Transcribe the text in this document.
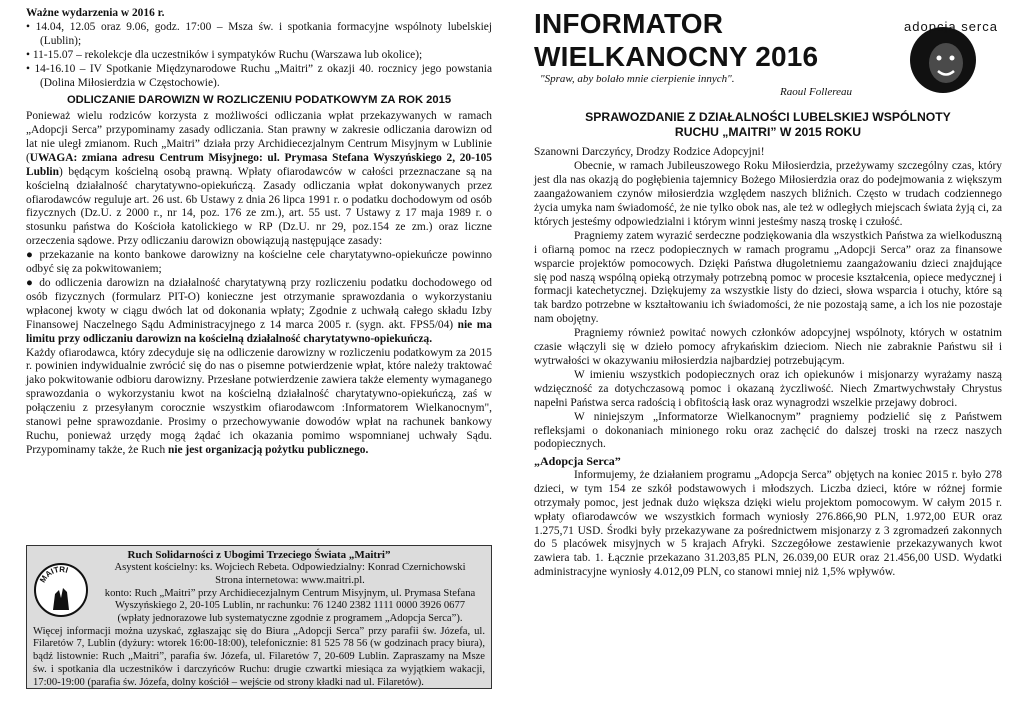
Ważne wydarzenia w 2016 r.
• 14.04, 12.05 oraz 9.06, godz. 17:00 – Msza św. i spotkania formacyjne wspólnoty lubelskiej (Lublin);
• 11-15.07 – rekolekcje dla uczestników i sympatyków Ruchu (Warszawa lub okolice);
• 14-16.10 – IV Spotkanie Międzynarodowe Ruchu „Maitri” z okazji 40. rocznicy jego powstania (Dolina Miłosierdzia w Częstochowie).
ODLICZANIE DAROWIZN W ROZLICZENIU PODATKOWYM ZA ROK 2015
Ponieważ wielu rodziców korzysta z możliwości odliczania wpłat przekazywanych w ramach „Adopcji Serca” przypominamy zasady odliczania. Stan prawny w zakresie odliczania darowizn od lat nie uległ zmianom. Ruch „Maitri” działa przy Archidiecezjalnym Centrum Misyjnym w Lublinie (UWAGA: zmiana adresu Centrum Misyjnego: ul. Prymasa Stefana Wyszyńskiego 2, 20-105 Lublin) będącym kościelną osobą prawną. Wpłaty ofiarodawców w całości przeznaczane są na kościelną działalność charytatywno-opiekuńczą. Zasady odliczania wpłat dokonywanych przez ofiarodawców reguluje art. 26 ust. 6b Ustawy z dnia 26 lipca 1991 r. o podatku dochodowym od osób fizycznych (Dz.U. z 2000 r., nr 14, poz. 176 ze zm.), art. 55 ust. 7 Ustawy z 17 maja 1989 r. o stosunku państwa do Kościoła katolickiego w RP (Dz.U. nr 29, poz.154 ze zm.) oraz liczne orzeczenia sądowe. Przy odliczaniu darowizn obowiązują następujące zasady:
● przekazanie na konto bankowe darowizny na kościelne cele charytatywno-opiekuńcze powinno odbyć się za pokwitowaniem;
● do odliczenia darowizn na działalność charytatywną przy rozliczeniu podatku dochodowego od osób fizycznych (formularz PIT-O) konieczne jest otrzymanie sprawozdania o wykorzystaniu wpłaconej kwoty w ciągu dwóch lat od dokonania wpłaty; Zgodnie z uchwałą całego składu Izby Finansowej Naczelnego Sądu Administracyjnego z 14 marca 2005 r. (sygn. akt. FPS5/04) nie ma limitu przy odliczaniu darowizn na kościelną działalność charytatywno-opiekuńczą.
Każdy ofiarodawca, który zdecyduje się na odliczenie darowizny w rozliczeniu podatkowym za 2015 r. powinien indywidualnie zwrócić się do nas o pisemne potwierdzenie wpłat, które należy traktować jako pokwitowanie odbioru darowizny. Przesłane potwierdzenie zawiera także elementy wymaganego sprawozdania o wykorzystaniu kwot na kościelną działalność charytatywno-opiekuńczą, zaś w połączeniu z przesyłanym corocznie wszystkim ofiarodawcom :Informatorem Wielkanocnym", stanowi pełne sprawozdanie. Prosimy o przechowywanie dowodów wpłat na rachunek bankowy Ruchu, ponieważ urzędy mogą żądać ich okazania pomimo wspomnianej uchwały Sądu. Przypominamy także, że Ruch nie jest organizacją pożytku publicznego.
Ruch Solidarności z Ubogimi Trzeciego Świata „Maitri”
MAITRI	Asystent kościelny: ks. Wojciech Rebeta. Odpowiedzialny: Konrad Czernichowski
Strona internetowa: www.maitri.pl.
konto: Ruch „Maitri” przy Archidiecezjalnym Centrum Misyjnym, ul. Prymasa Stefana Wyszyńskiego 2, 20-105 Lublin, nr rachunku: 76 1240 2382 1111 0000 3926 0677
(wpłaty jednorazowe lub systematyczne zgodnie z programem „Adopcja Serca”).
Więcej informacji można uzyskać, zgłaszając się do Biura „Adopcji Serca” przy parafii św. Józefa, ul. Filaretów 7, Lublin (dyżury: wtorek 16:00-18:00), telefonicznie: 81 525 78 56 (w godzinach pracy biura), bądź listownie: Ruch „Maitri”, parafia św. Józefa, ul. Filaretów 7, 20-609 Lublin. Zapraszamy na Msze św. i spotkania dla uczestników i darczyńców Ruchu: drugie czwartki miesiąca za wyjątkiem wakacji, 17:00-19:00 (parafia św. Józefa, dolny kościół – wejście od strony kładki nad ul. Filaretów).
INFORMATOR
WIELKANOCNY 2016
"Spraw, aby bolało mnie cierpienie innych".
Raoul Follereau
SPRAWOZDANIE Z DZIAŁALNOŚCI LUBELSKIEJ WSPÓLNOTY
RUCHU „MAITRI” W 2015 ROKU
Szanowni Darczyńcy, Drodzy Rodzice Adopcyjni!
Obecnie, w ramach Jubileuszowego Roku Miłosierdzia, przeżywamy szczególny czas, który jest dla nas okazją do pogłębienia tajemnicy Bożego Miłosierdzia oraz do podejmowania z większym zaangażowaniem czynów miłosierdzia względem naszych bliźnich. Często w trudach codziennego życia umyka nam świadomość, że nie tylko obok nas, ale też w odległych miejscach świata żyją ci, za których jesteśmy odpowiedzialni i którym winni jesteśmy naszą troskę i czułość.
Pragniemy zatem wyrazić serdeczne podziękowania dla wszystkich Państwa za wielkoduszną i ofiarną pomoc na rzecz podopiecznych w ramach programu „Adopcji Serca” oraz za finansowe wsparcie projektów pomocowych. Dzięki Państwa długoletniemu zaangażowaniu dzieci znajdujące się pod naszą wspólną opieką otrzymały potrzebną pomoc w procesie kształcenia, opiece medycznej i formacji katechetycznej. Dziękujemy za wszystkie listy do dzieci, słowa wsparcia i otuchy, które są tak bardzo potrzebne w kształtowaniu ich świadomości, że nie pozostają same, a ich los nie pozostaje nam obojętny.
Pragniemy również powitać nowych członków adopcyjnej wspólnoty, których w ostatnim czasie włączyli się w dzieło pomocy afrykańskim dzieciom. Niech nie zabraknie Państwu sił i wytrwałości w okazywaniu miłosierdzia najbardziej potrzebującym.
W imieniu wszystkich podopiecznych oraz ich opiekunów i misjonarzy wyrażamy naszą wdzięczność za dotychczasową pomoc i okazaną życzliwość. Niech Zmartwychwstały Chrystus napełni Państwa serca radością i obfitością łask oraz wynagrodzi wszelkie przejawy dobroci.
W niniejszym „Informatorze Wielkanocnym” pragniemy podzielić się z Państwem refleksjami o dokonaniach minionego roku oraz zachęcić do dalszej troski na rzecz naszych podopiecznych.
„Adopcja Serca”
Informujemy, że działaniem programu „Adopcja Serca” objętych na koniec 2015 r. było 278 dzieci, w tym 154 ze szkół podstawowych i młodszych. Liczba dzieci, które w różnej formie otrzymały pomoc, jest jednak dużo większa dzięki wielu projektom pomocowym. W całym 2015 r. wpłaty ofiarodawców we wszystkich formach wyniosły 276.866,90 PLN, 1.972,00 EUR oraz 1.275,71 USD. Środki były przekazywane za pośrednictwem misjonarzy z 3 zgromadzeń zakonnych do 5 placówek misyjnych w 5 krajach Afryki. Szczegółowe zestawienie przekazywanych kwot zawiera tab. 1. Łącznie przekazano 31.203,85 PLN, 26.039,00 EUR oraz 21.456,00 USD. Wydatki administracyjne wyniosły 4.012,09 PLN, co stanowi mniej niż 1,5% wpływów.
adopcja serca
